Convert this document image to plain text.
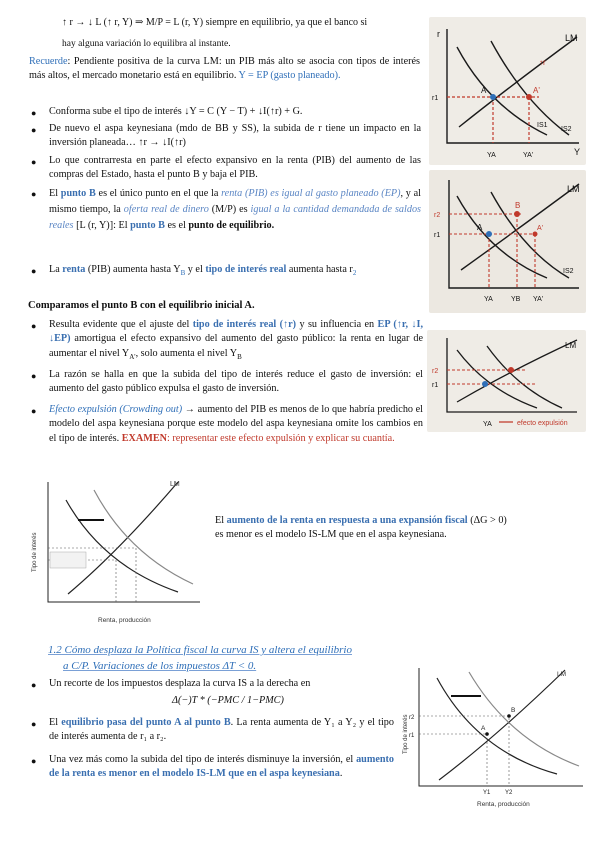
↑ r → ↓ L (↑ r, Y) ⇒ M/P = L (r, Y) siempre en equilibrio, ya que el banco si
hay alguna variación lo equilibra al instante.
Recuerde: Pendiente positiva de la curva LM: un PIB más alto se asocia con tipos de interés más altos, el mercado monetario está en equilibrio. Y = EP (gasto planeado).
● Conforma sube el tipo de interés ↓Y = C (Y − T) + ↓I(↑r) + G.
● De nuevo el aspa keynesiana (mdo de BB y SS), la subida de r tiene un impacto en la inversión planeada… ↑r → ↓I(↑r)
● Lo que contrarresta en parte el efecto expansivo en la renta (PIB) del aumento de las compras del Estado, hasta el punto B y baja el PIB.
● El punto B es el único punto en el que la renta (PIB) es igual al gasto planeado (EP), y al mismo tiempo, la oferta real de dinero (M/P) es igual a la cantidad demandada de saldos reales [L (r, Y)]: El punto B es el punto de equilibrio.
● La renta (PIB) aumenta hasta $Y_B$ y el tipo de interés real aumenta hasta $r_2$
Comparamos el punto B con el equilibrio inicial A.
● Resulta evidente que el ajuste del tipo de interés real (↑r) y su influencia en EP (↑r, ↓I, ↓EP) amortigua el efecto expansivo del aumento del gasto público: la renta en lugar de aumentar el nivel $Y_{A'}$, solo aumenta el nivel $Y_B$
● La razón se halla en que la subida del tipo de interés reduce el gasto de inversión: el aumento del gasto público expulsa el gasto de inversión.
● Efecto expulsión (Crowding out) → aumento del PIB es menos de lo que habría predicho el modelo del aspa keynesiana porque este modelo del aspa keynesiana omite los cambios en el tipo de interés. EXAMEN: representar este efecto expulsión y explicar su cuantía.
El aumento de la renta en respuesta a una expansión fiscal (ΔG > 0)
es menor es el modelo IS-LM que en el aspa keynesiana.
1.2 Cómo desplaza la Política fiscal la curva IS y altera el equilibrio
a C/P. Variaciones de los impuestos ΔT < 0.
● Un recorte de los impuestos desplaza la curva IS a la derecha en
Δ(−)T * (−PMC / 1−PMC)
● El equilibrio pasa del punto A al punto B. La renta aumenta de Y₁ a Y₂ y el tipo de interés aumenta de r₁ a r₂.
● Una vez más como la subida del tipo de interés disminuye la inversión, el aumento de la renta es menor en el modelo IS-LM que en el aspa keynesiana.
LM
r
Y
A	A'
r1
YA	YA'
IS1
IS2
↑r
LM
A
B
A'
r2
r1
YA	YB YA'
IS2
LM
r2
r1
YA	efecto expulsión
LM
Tipo de interés
Renta, producción
A
B
r2
r1
Y1 Y2
LM
Tipo de interés
Renta, producción
